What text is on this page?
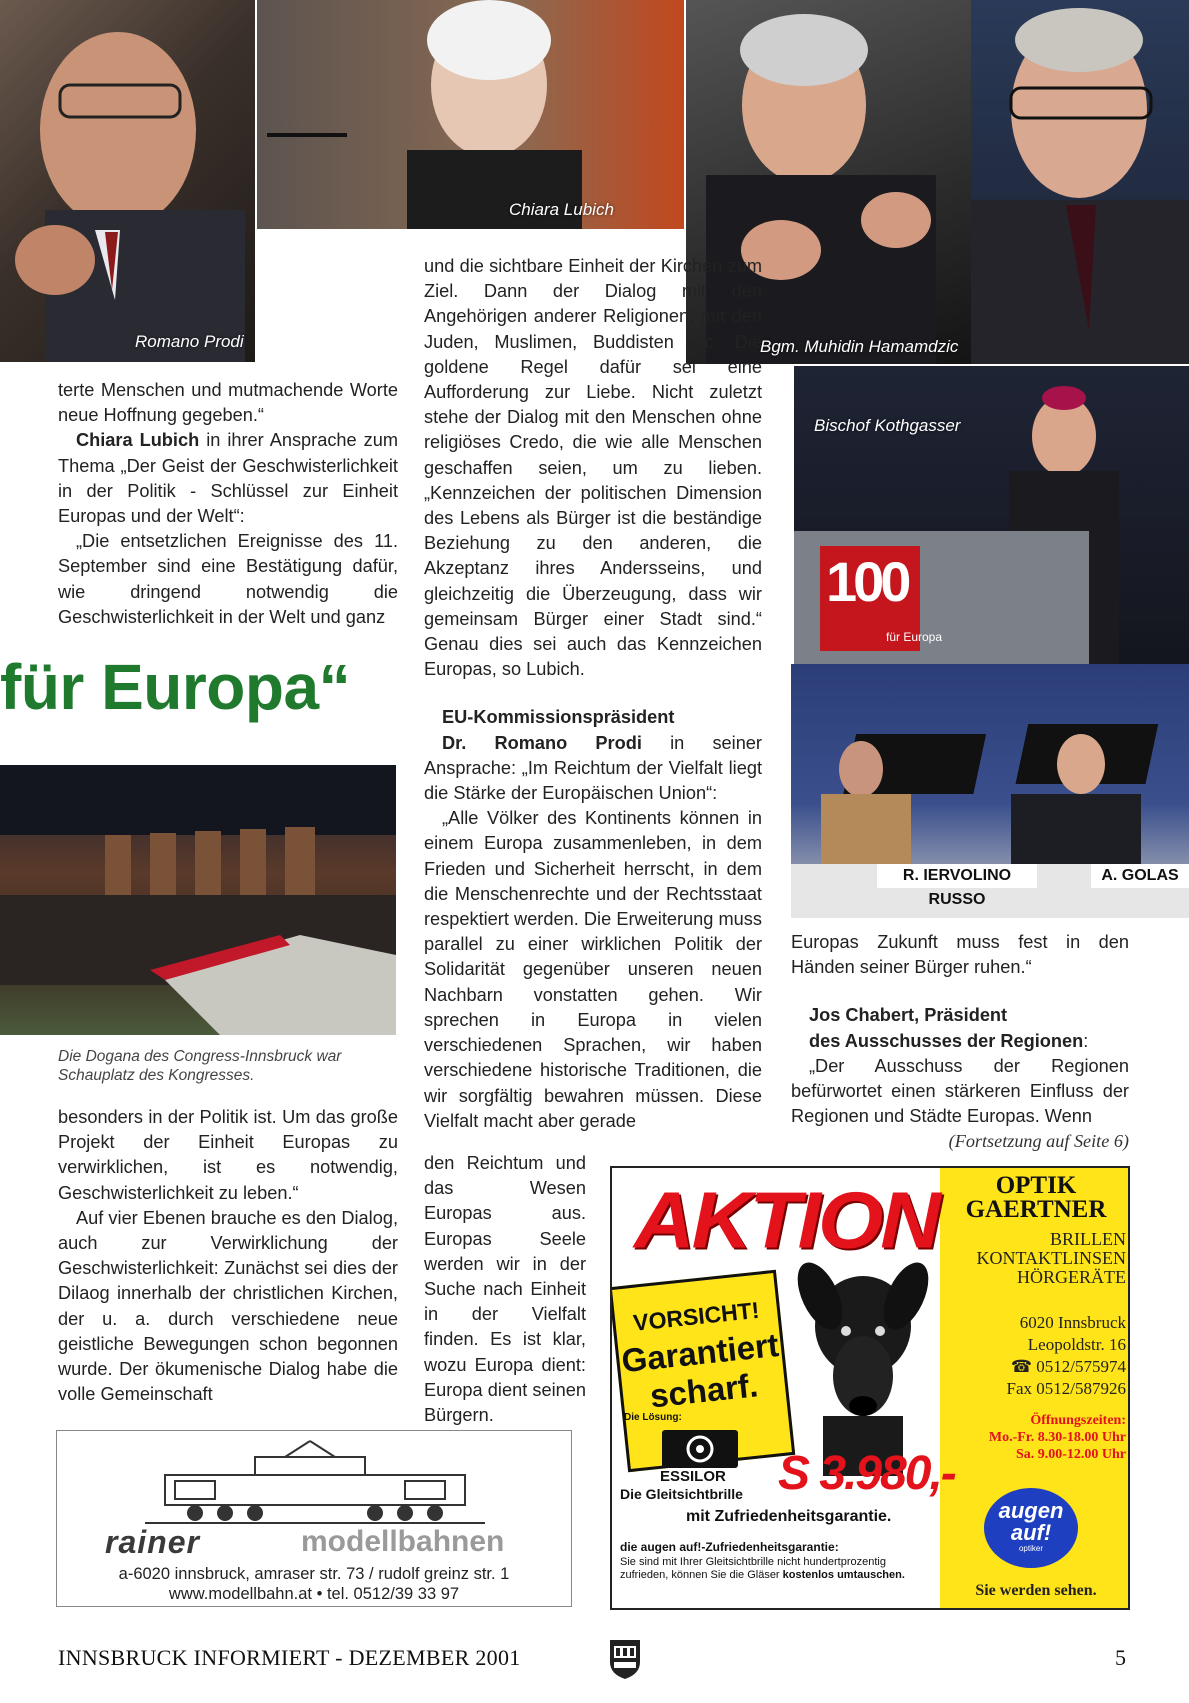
Romano Prodi
Chiara Lubich
Bgm. Muhidin Hamamdzic
Bischof Kothgasser
100
für Europa
R. IERVOLINO RUSSO
A. GOLAS
für Europa“

terte Menschen und mutmachende Worte neue Hoffnung gegeben.“

Chiara Lubich in ihrer Ansprache zum Thema „Der Geist der Geschwisterlichkeit in der Politik - Schlüssel zur Einheit Europas und der Welt“:

„Die entsetzlichen Ereignisse des 11. September sind eine Bestätigung dafür, wie dringend notwendig die Geschwisterlichkeit in der Welt und ganz

Die Dogana des Congress-Innsbruck war Schauplatz des Kongresses.

besonders in der Politik ist. Um das große Projekt der Einheit Europas zu verwirklichen, ist es notwendig, Geschwisterlichkeit zu leben.“

Auf vier Ebenen brauche es den Dialog, auch zur Verwirklichung der Geschwisterlichkeit: Zunächst sei dies der Dilaog innerhalb der christlichen Kirchen, der u. a. durch verschiedene neue geistliche Bewegungen schon begonnen wurde. Der ökumenische Dialog habe die volle Gemeinschaft

und die sichtbare Einheit der Kirchen zum Ziel. Dann der Dialog mit den Angehörigen anderer Religionen, mit den Juden, Muslimen, Buddisten etc. Die goldene Regel dafür sei eine Aufforderung zur Liebe. Nicht zuletzt stehe der Dialog mit den Menschen ohne religiöses Credo, die wie alle Menschen geschaffen seien, um zu lieben. „Kennzeichen der politischen Dimension des Lebens als Bürger ist die beständige Beziehung zu den anderen, die Akzeptanz ihres Andersseins, und gleichzeitig die Überzeugung, dass wir gemeinsam Bürger einer Stadt sind.“ Genau dies sei auch das Kennzeichen Europas, so Lubich.

EU-Kommissionspräsident

Dr. Romano Prodi in seiner Ansprache: „Im Reichtum der Vielfalt liegt die Stärke der Europäischen Union“:

„Alle Völker des Kontinents können in einem Europa zusammenleben, in dem Frieden und Sicherheit herrscht, in dem die Menschenrechte und der Rechtsstaat respektiert werden. Die Erweiterung muss parallel zu einer wirklichen Politik der Solidarität gegenüber unseren neuen Nachbarn vonstatten gehen. Wir sprechen in Europa in vielen verschiedenen Sprachen, wir haben verschiedene historische Traditionen, die wir sorgfältig bewahren müssen. Diese Vielfalt macht aber gerade

den Reichtum und das Wesen Europas aus. Europas Seele werden wir in der Suche nach Einheit in der Vielfalt finden. Es ist klar, wozu Europa dient: Europa dient seinen Bürgern.

Europas Zukunft muss fest in den Händen seiner Bürger ruhen.“

Jos Chabert, Präsident

des Ausschusses der Regionen:

„Der Ausschuss der Regionen befürwortet einen stärkeren Einfluss der Regionen und Städte Europas. Wenn

(Fortsetzung auf Seite 6)

rainer	modellbahnen
a-6020 innsbruck, amraser str. 73 / rudolf greinz str. 1
www.modellbahn.at • tel. 0512/39 33 97
AKTION	OPTIK
GAERTNER
BRILLEN
KONTAKTLINSEN
HÖRGERÄTE
6020 Innsbruck
Leopoldstr. 16
☎ 0512/575974
Fax 0512/587926
Öffnungszeiten:
Mo.-Fr. 8.30-18.00 Uhr
Sa. 9.00-12.00 Uhr
VORSICHT!
Garantiert
scharf.
Die Lösung:
ESSILOR
Die Gleitsichtbrille
mit Zufriedenheitsgarantie.
S 3.980,-
die augen auf!-Zufriedenheitsgarantie:
Sie sind mit Ihrer Gleitsichtbrille nicht hundertprozentig zufrieden, können Sie die Gläser kostenlos umtauschen.
augen
auf!
optiker
Sie werden sehen.
INNSBRUCK INFORMIERT - DEZEMBER 2001	5
